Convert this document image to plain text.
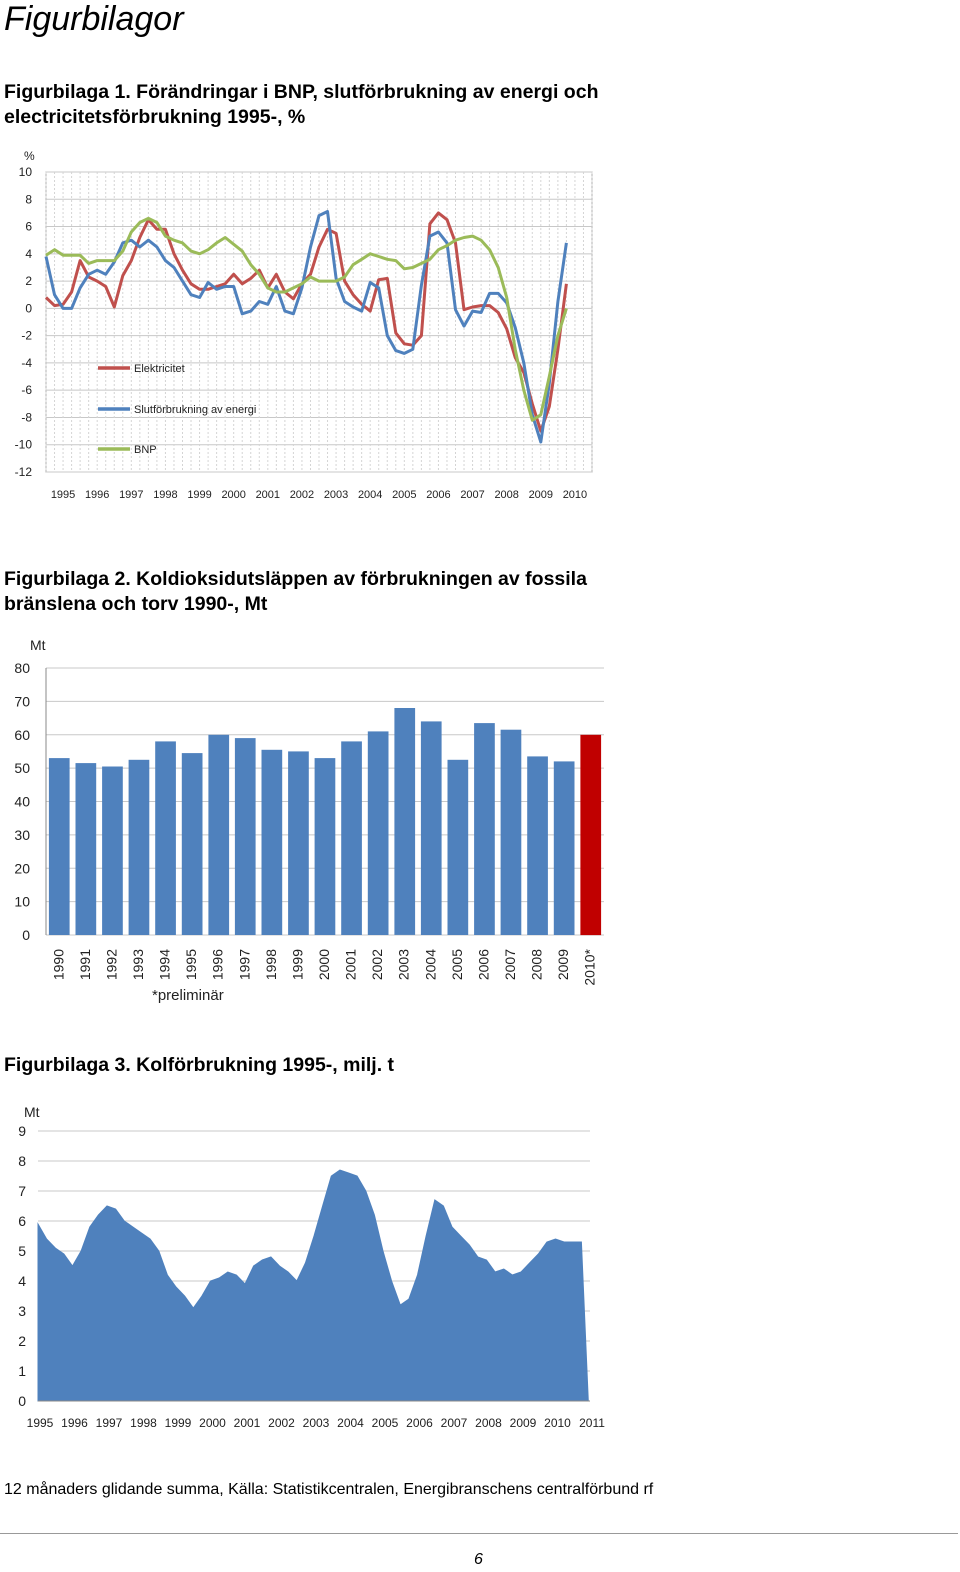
Figurbilagor
Figurbilaga 1. Förändringar i BNP, slutförbrukning av energi och
electricitetsförbrukning 1995-, %
10
8
6
4
2
0
-2
-4
-6
-8
-10
-12
%
1995 1996 1997 1998 1999 2000 2001 2002 2003 2004 2005 2006 2007 2008 2009 2010
Elektricitet
Slutförbrukning av energi
BNP
Figurbilaga 2. Koldioksidutsläppen av förbrukningen av fossila
bränslena och torv 1990-, Mt
80
70
60
50
40
30
20
10
0
Mt
1990 1991 1992 1993 1994 1995 1996 1997 1998 1999 2000 2001 2002 2003 2004 2005 2006 2007 2008 2009 2010*
*preliminär
Figurbilaga 3. Kolförbrukning 1995-, milj. t
9
8
7
6
5
4
3
2
1
0
Mt
1995 1996 1997 1998 1999 2000 2001 2002 2003 2004 2005 2006 2007 2008 2009 2010 2011
12 månaders glidande summa, Källa: Statistikcentralen, Energibranschens centralförbund rf
6
